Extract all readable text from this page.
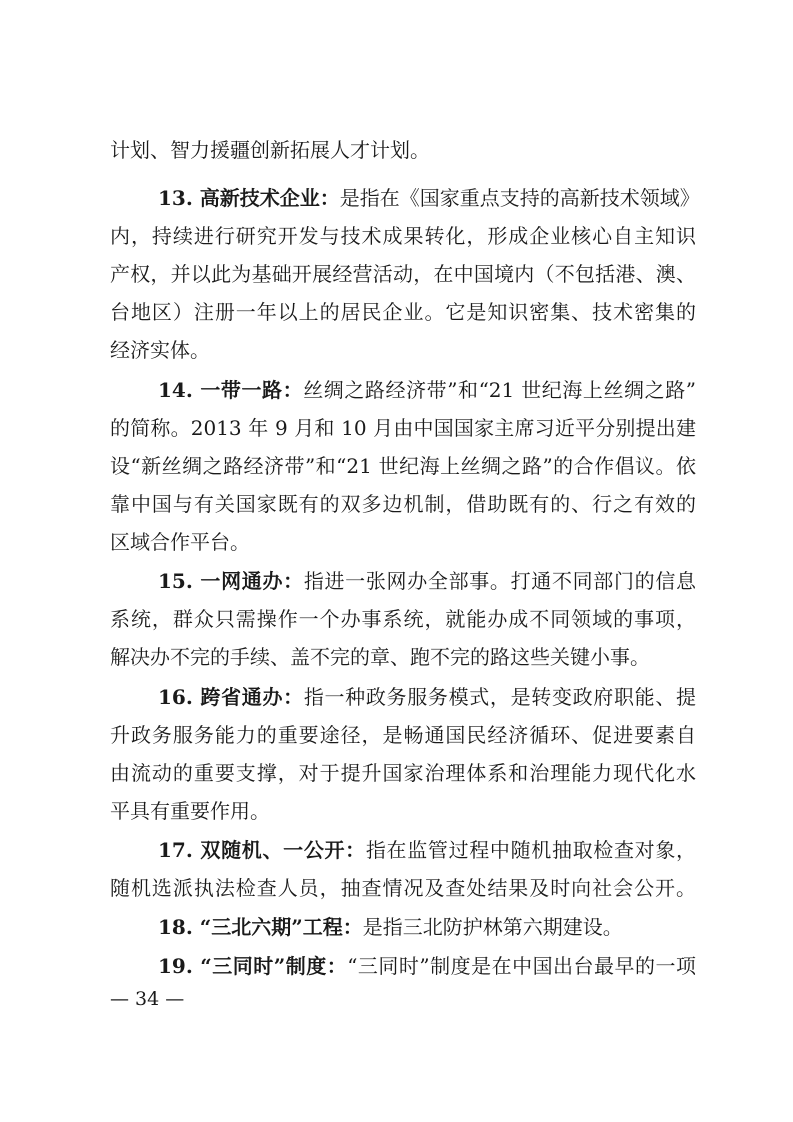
计划、智力援疆创新拓展人才计划。
13. 高新技术企业：是指在《国家重点支持的高新技术领域》
内，持续进行研究开发与技术成果转化，形成企业核心自主知识
产权，并以此为基础开展经营活动，在中国境内（不包括港、澳、
台地区）注册一年以上的居民企业。它是知识密集、技术密集的
经济实体。
14. 一带一路：丝绸之路经济带”和“21 世纪海上丝绸之路”
的简称。2013 年 9 月和 10 月由中国国家主席习近平分别提出建
设“新丝绸之路经济带”和“21 世纪海上丝绸之路”的合作倡议。依
靠中国与有关国家既有的双多边机制，借助既有的、行之有效的
区域合作平台。
15. 一网通办：指进一张网办全部事。打通不同部门的信息
系统，群众只需操作一个办事系统，就能办成不同领域的事项，
解决办不完的手续、盖不完的章、跑不完的路这些关键小事。
16. 跨省通办：指一种政务服务模式，是转变政府职能、提
升政务服务能力的重要途径，是畅通国民经济循环、促进要素自
由流动的重要支撑，对于提升国家治理体系和治理能力现代化水
平具有重要作用。
17. 双随机、一公开：指在监管过程中随机抽取检查对象，
随机选派执法检查人员，抽查情况及查处结果及时向社会公开。
18. “三北六期”工程：是指三北防护林第六期建设。
19. “三同时”制度：“三同时”制度是在中国出台最早的一项
— 34 —
